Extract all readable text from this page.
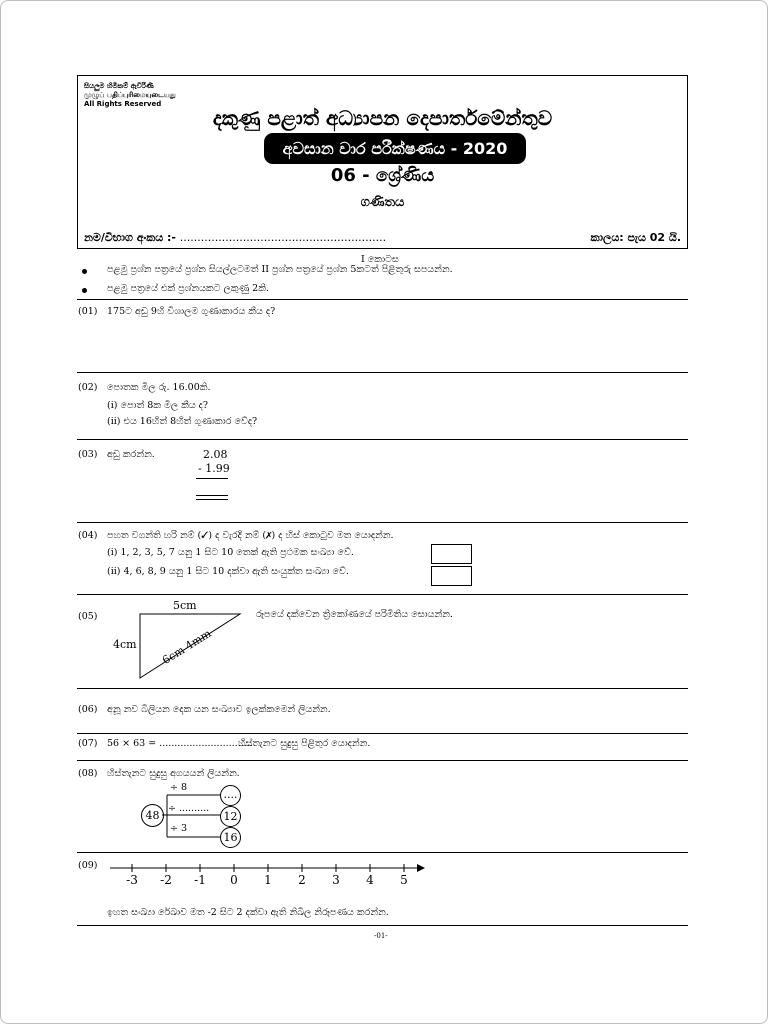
සියලුම හිමිකම් ඇවිරිණි
முழுப் பதிப்புரிமையுடையது
All Rights Reserved
දකුණු පළාත් අධ්‍යාපන දෙපාර්තමේන්තුව
අවසාන වාර පරීක්ෂණය - 2020
06 - ශ්‍රේණිය
ගණිතය
නම/විභාග අංකය :- ...........................................................	කාලය: පැය 02 යි.
I කොටස
පළමු ප්‍රශ්න පත්‍රයේ ප්‍රශ්න සියල්ලටමත් II ප්‍රශ්න පත්‍රයේ ප්‍රශ්න 5කටත් පිළිතුරු සපයන්න.
පළමු පත්‍රයේ එක් ප්‍රශ්නයකට ලකුණු 2කි.
(01) 175ට අඩු 9හි විශාලම ගුණාකාරය කීය ද?
(02) පොතක මිල රු. 16.00කි.
(i) පොත් 8ක මිල කීය ද?
(ii) එය 16හිත් 8හිත් ගුණාකාර වේද?
(03) අඩු කරන්න.	2.08
- 1.99
(04) පහත වගන්ති හරි නම් (✓) ද වැරදි නම් (✗) ද හිස් කොටුව මත යොදන්න.
(i) 1, 2, 3, 5, 7 යනු 1 සිට 10 තෙක් ඇති ප්‍රථමක සංඛ්‍යා වේ.
(ii) 4, 6, 8, 9 යනු 1 සිට 10 දක්වා ඇති සංයුක්ත සංඛ්‍යා වේ.
(05)
5cm
4cm 6cm 4mm
රූපයේ දක්වෙන ත්‍රිකෝණයේ පරිමිතිය සොයන්න.
(06) අනූ නව බිලියන දෙක යන සංඛ්‍යාව ඉලක්කමෙන් ලියන්න.
(07) 56 × 63 = ...............................
හිස්තැනට සුදුසු පිළිතුර යොදන්න.
(08) හිස්තැනට සුදුසු අගයයන් ලියන්න.
48
÷ 8
÷ ..........
÷ 3
....
12
16
(09)
-3	-2	-1	0	1	2	3	4	5
ඉහත සංඛ්‍යා රේඛාව මත -2 සිට 2 දක්වා ඇති නිඛිල නිරූපණය කරන්න.
-01-
